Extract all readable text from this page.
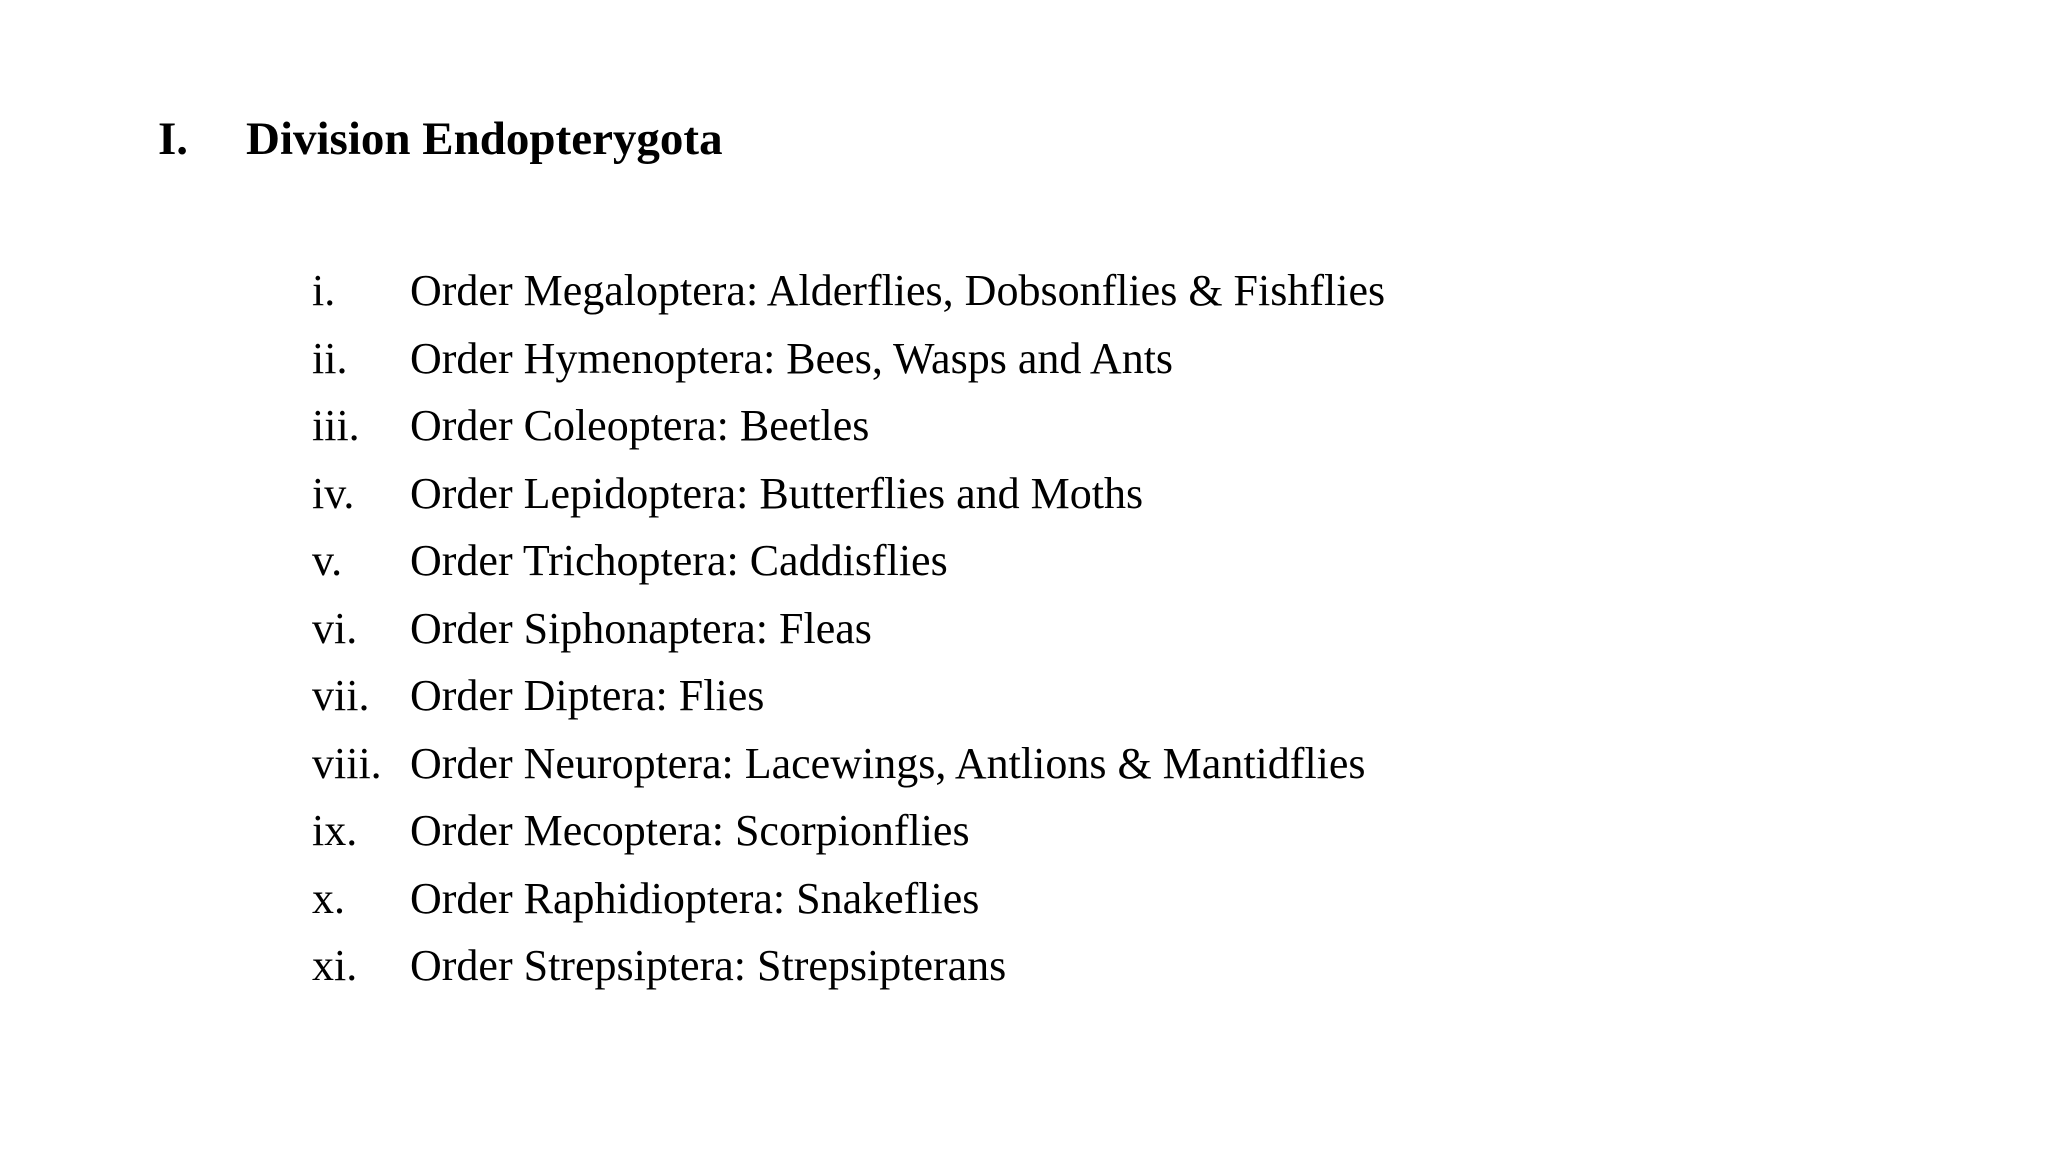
I.	Division Endopterygota
i.	Order Megaloptera: Alderflies, Dobsonflies & Fishflies
ii.	Order Hymenoptera: Bees, Wasps and Ants
iii.	Order Coleoptera: Beetles
iv.	Order Lepidoptera: Butterflies and Moths
v.	Order Trichoptera: Caddisflies
vi.	Order Siphonaptera: Fleas
vii. Order Diptera: Flies
viii. Order Neuroptera: Lacewings, Antlions & Mantidflies
ix.	Order Mecoptera: Scorpionflies
x.	Order Raphidioptera: Snakeflies
xi.	Order Strepsiptera: Strepsipterans
